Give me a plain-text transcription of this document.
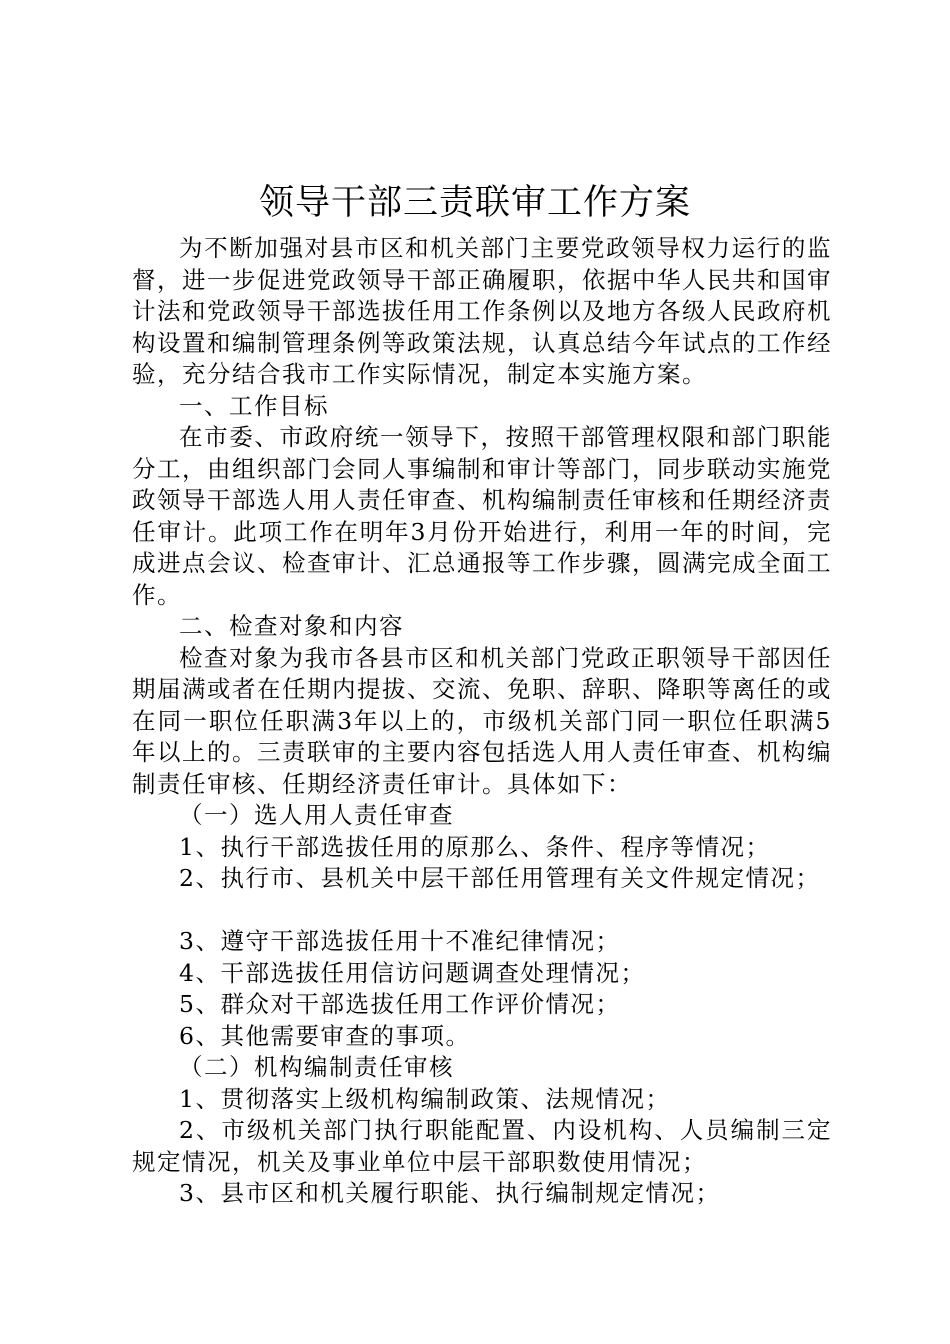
领导干部三责联审工作方案

为不断加强对县市区和机关部门主要党政领导权力运行的监督，进一步促进党政领导干部正确履职，依据中华人民共和国审计法和党政领导干部选拔任用工作条例以及地方各级人民政府机构设置和编制管理条例等政策法规，认真总结今年试点的工作经验，充分结合我市工作实际情况，制定本实施方案。

一、工作目标

在市委、市政府统一领导下，按照干部管理权限和部门职能分工，由组织部门会同人事编制和审计等部门，同步联动实施党政领导干部选人用人责任审查、机构编制责任审核和任期经济责任审计。此项工作在明年3月份开始进行，利用一年的时间，完成进点会议、检查审计、汇总通报等工作步骤，圆满完成全面工作。

二、检查对象和内容

检查对象为我市各县市区和机关部门党政正职领导干部因任期届满或者在任期内提拔、交流、免职、辞职、降职等离任的或在同一职位任职满3年以上的，市级机关部门同一职位任职满5年以上的。三责联审的主要内容包括选人用人责任审查、机构编制责任审核、任期经济责任审计。具体如下：

（一）选人用人责任审查

1、执行干部选拔任用的原那么、条件、程序等情况；

2、执行市、县机关中层干部任用管理有关文件规定情况；

3、遵守干部选拔任用十不准纪律情况；

4、干部选拔任用信访问题调查处理情况；

5、群众对干部选拔任用工作评价情况；

6、其他需要审查的事项。

（二）机构编制责任审核

1、贯彻落实上级机构编制政策、法规情况；

2、市级机关部门执行职能配置、内设机构、人员编制三定规定情况，机关及事业单位中层干部职数使用情况；

3、县市区和机关履行职能、执行编制规定情况；
